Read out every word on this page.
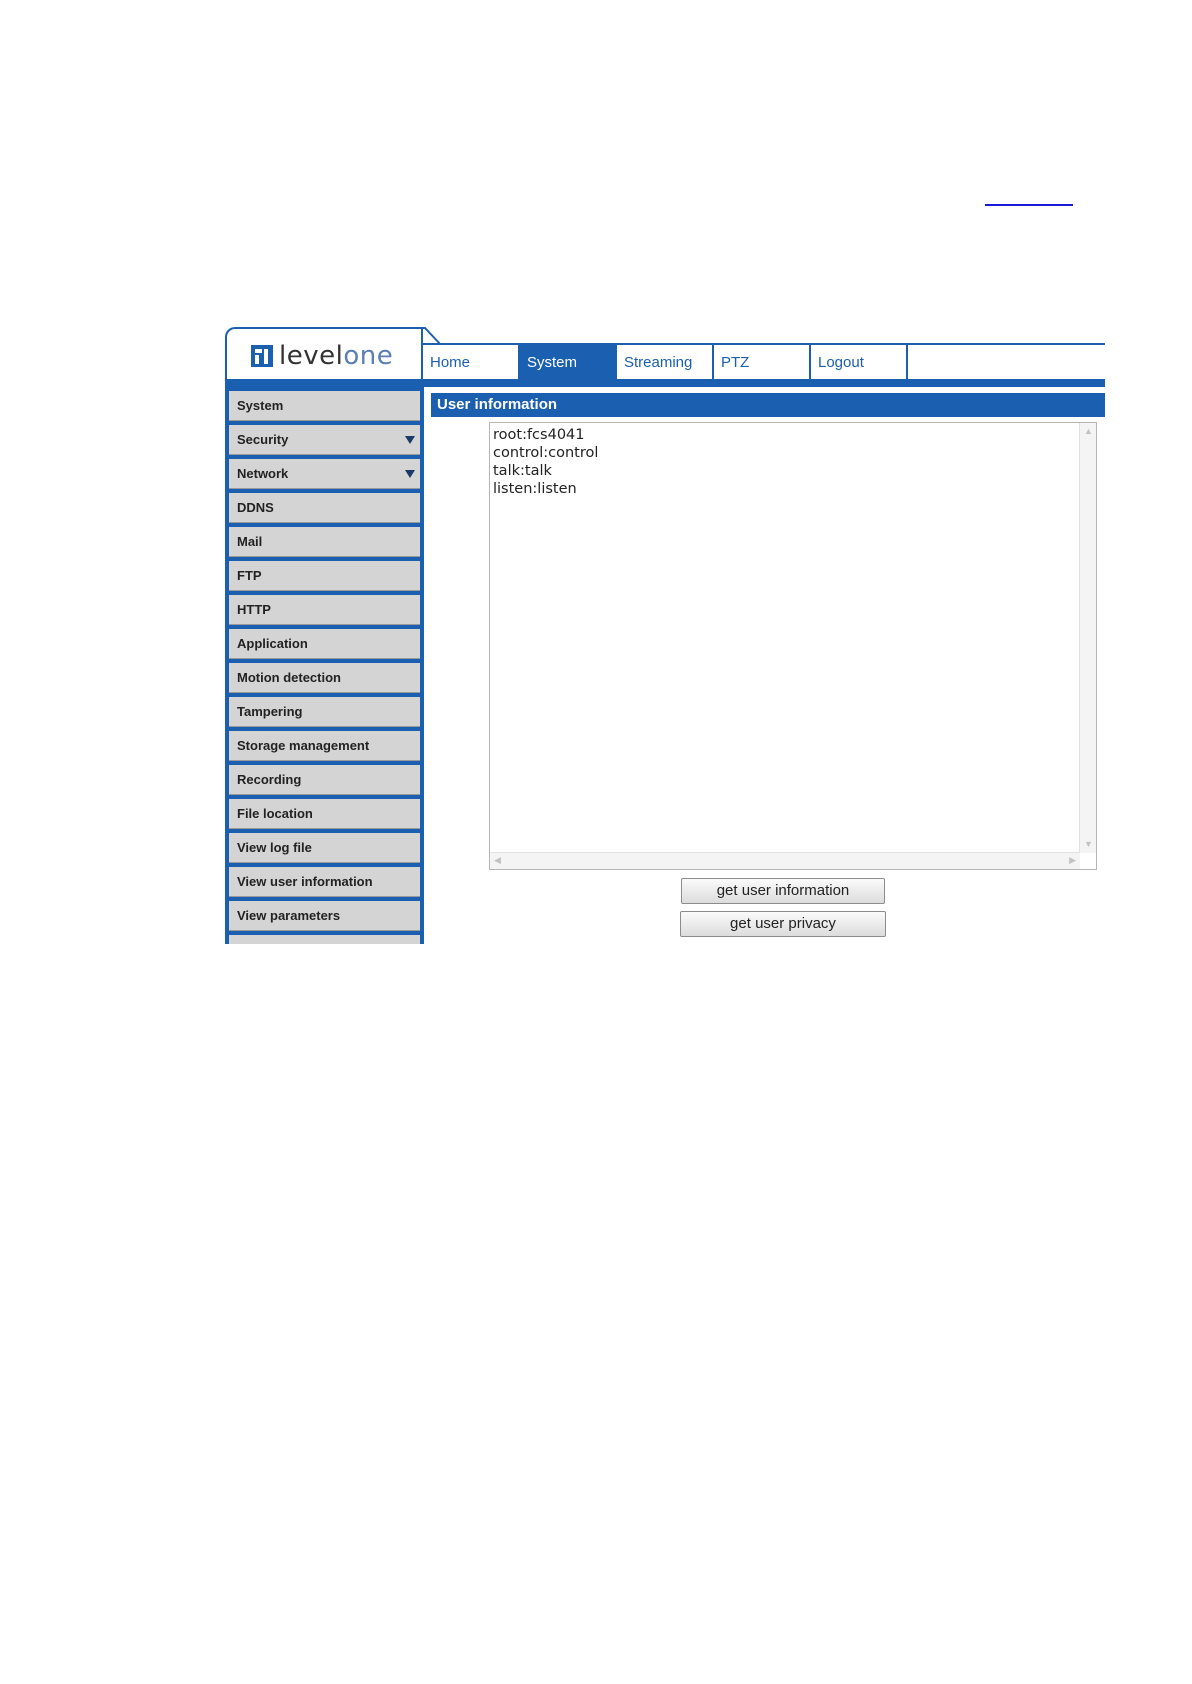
levelone	Home	System	Streaming	PTZ	Logout
System
Security
Network
DDNS
Mail
FTP
HTTP
Application
Motion detection
Tampering
Storage management
Recording
File location
View log file
View user information
View parameters
User information
root:fcs4041
control:control
talk:talk
listen:listen
▲
▼
◀	▶
get user information
get user privacy
